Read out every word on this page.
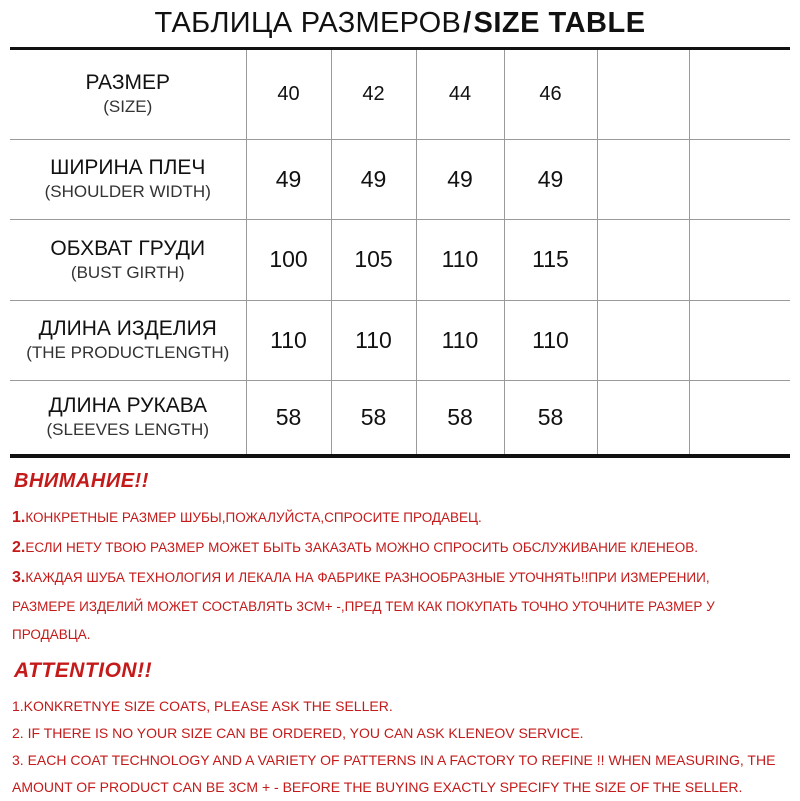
ТАБЛИЦА РАЗМЕРОВ / SIZE TABLE
РАЗМЕР
(SIZE)	40	42	44	46		

ШИРИНА ПЛЕЧ
(SHOULDER WIDTH)	49	49	49	49		

ОБХВАТ ГРУДИ
(BUST GIRTH)	100	105	110	115		

ДЛИНА ИЗДЕЛИЯ
(THE PRODUCTLENGTH)	110	110	110	110		

ДЛИНА РУКАВА
(SLEEVES LENGTH)	58	58	58	58		
ВНИМАНИЕ!!
1.КОНКРЕТНЫЕ РАЗМЕР ШУБЫ,ПОЖАЛУЙСТА,СПРОСИТЕ ПРОДАВЕЦ.
2.ЕСЛИ НЕТУ ТВОЮ РАЗМЕР МОЖЕТ БЫТЬ ЗАКАЗАТЬ МОЖНО СПРОСИТЬ ОБСЛУЖИВАНИЕ КЛЕНЕОВ.
3.КАЖДАЯ ШУБА ТЕХНОЛОГИЯ И ЛЕКАЛА НА ФАБРИКЕ РАЗНООБРАЗНЫЕ УТОЧНЯТЬ!!ПРИ ИЗМЕРЕНИИ,
РАЗМЕРЕ ИЗДЕЛИЙ МОЖЕТ СОСТАВЛЯТЬ 3СМ+ -,ПРЕД ТЕМ КАК ПОКУПАТЬ ТОЧНО УТОЧНИТЕ РАЗМЕР У
ПРОДАВЦА.
ATTENTION!!
1.KONKRETNYE SIZE COATS, PLEASE ASK THE SELLER.
2. IF THERE IS NO YOUR SIZE CAN BE ORDERED, YOU CAN ASK KLENEOV SERVICE.
3. EACH COAT TECHNOLOGY AND A VARIETY OF PATTERNS IN A FACTORY TO REFINE !! WHEN MEASURING, THE
AMOUNT OF PRODUCT CAN BE 3CM + - BEFORE THE BUYING EXACTLY SPECIFY THE SIZE OF THE SELLER.
